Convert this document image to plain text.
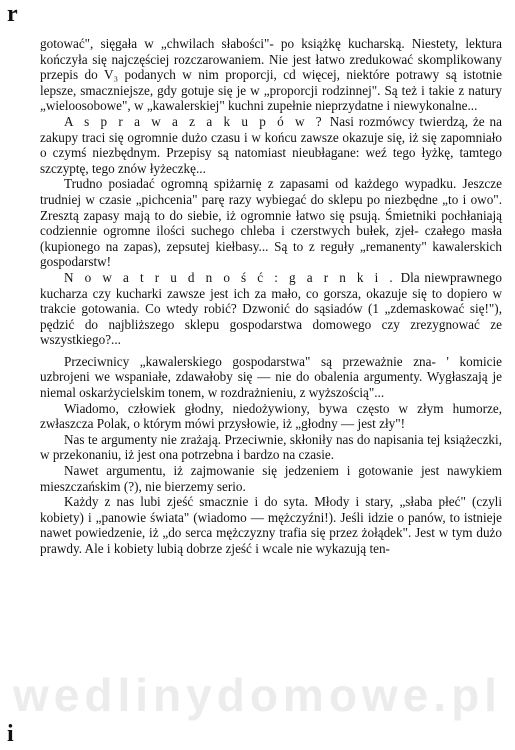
r

gotować", sięgała w „chwilach słabości"- po książkę kucharską. Niestety, lektura kończyła się najczęściej rozczarowaniem. Nie jest łatwo zredukować skomplikowany przepis do V₃ podanych w nim proporcji, cd więcej, niektóre potrawy są istotnie lepsze, smaczniejsze, gdy gotuje się je w „proporcji rodzinnej". Są też i takie z natury „wieloosobowe", w „kawalerskiej" kuchni zupełnie nieprzydatne i niewykonalne...

A s p r a w a z a k u p ó w ? Nasi rozmówcy twierdzą, że na zakupy traci się ogromnie dużo czasu i w końcu zawsze okazuje się, iż się zapomniało o czymś niezbędnym. Przepisy są natomiast nieubłagane: weź tego łyżkę, tamtego szczyptę, tego znów łyżeczkę...

Trudno posiadać ogromną spiżarnię z zapasami od każdego wypadku. Jeszcze trudniej w czasie „pichcenia" parę razy wybiegać do sklepu po niezbędne „to i owo". Zresztą zapasy mają to do siebie, iż ogromnie łatwo się psują. Śmietniki pochłaniają codziennie ogromne ilości suchego chleba i czerstwych bułek, zjeł- czałego masła (kupionego na zapas), zepsutej kiełbasy... Są to z reguły „remanenty" kawalerskich gospodarstw!

N o w a t r u d n o ś ć : g a r n k i . Dla niewprawnego kucharza czy kucharki zawsze jest ich za mało, co gorsza, okazuje się to dopiero w trakcie gotowania. Co wtedy robić? Dzwonić do sąsiadów (1 „zdemaskować się!"), pędzić do najbliższego sklepu gospodarstwa domowego czy zrezygnować ze wszystkiego?...

Przeciwnicy „kawalerskiego gospodarstwa" są przeważnie zna- ' komicie uzbrojeni we wspaniałe, zdawałoby się — nie do obalenia argumenty. Wygłaszają je niemal oskarżycielskim tonem, w rozdrażnieniu, z wyższością"...

Wiadomo, człowiek głodny, niedożywiony, bywa często w złym humorze, zwłaszcza Polak, o którym mówi przysłowie, iż „głodny — jest zły"!

Nas te argumenty nie zrażają. Przeciwnie, skłoniły nas do napisania tej książeczki, w przekonaniu, iż jest ona potrzebna i bardzo na czasie.

Nawet argumentu, iż zajmowanie się jedzeniem i gotowanie jest nawykiem mieszczańskim (?), nie bierzemy serio.

Każdy z nas lubi zjeść smacznie i do syta. Młody i stary, „słaba płeć" (czyli kobiety) i „panowie świata" (wiadomo — mężczyźni!). Jeśli idzie o panów, to istnieje nawet powiedzenie, iż „do serca mężczyzny trafia się przez żołądek". Jest w tym dużo prawdy. Ale i kobiety lubią dobrze zjeść i wcale nie wykazują ten-

wedlinydomowe.pl
i
